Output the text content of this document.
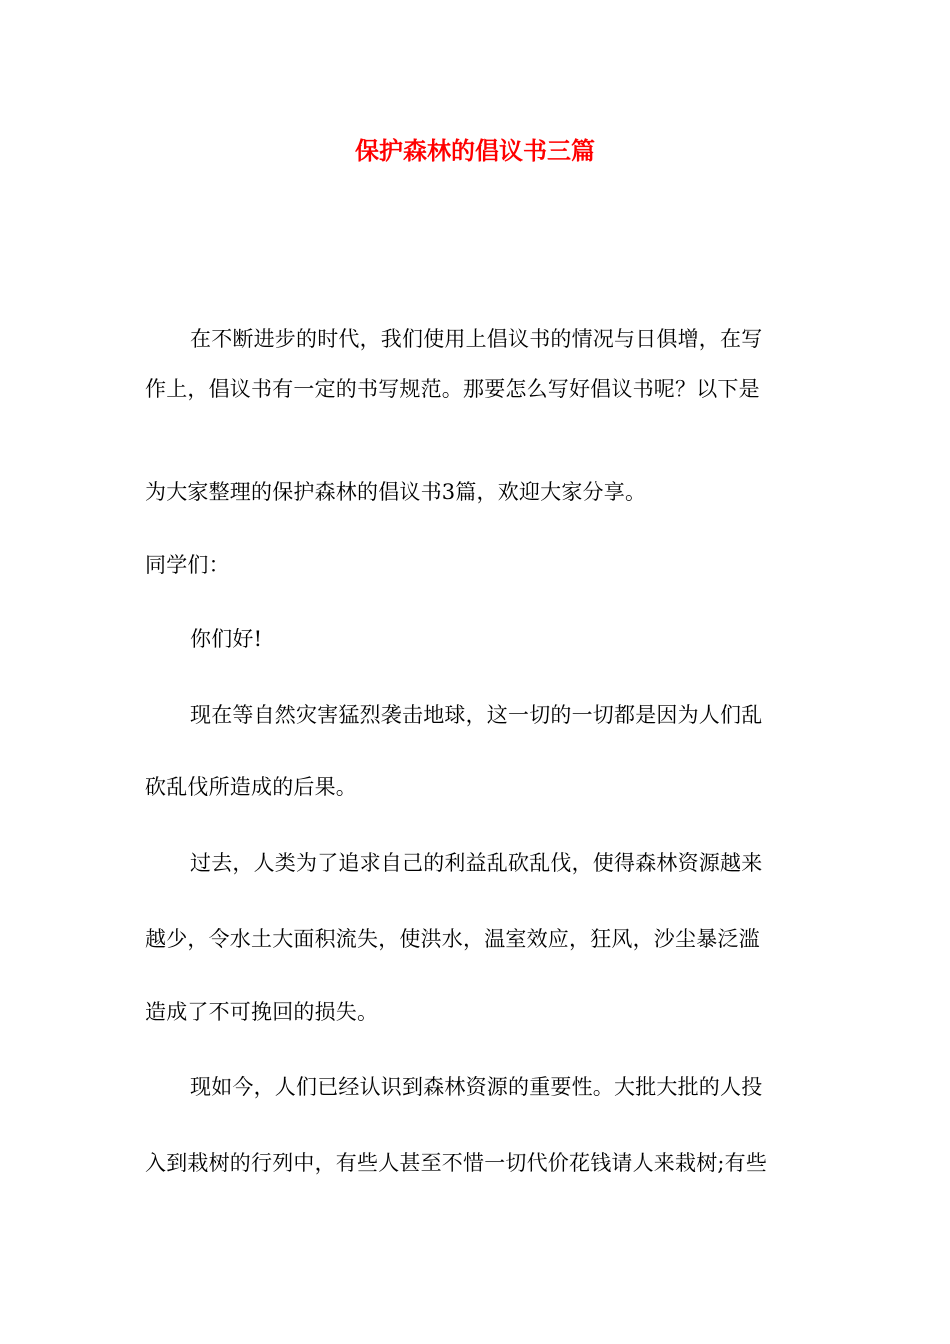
保护森林的倡议书三篇
在不断进步的时代，我们使用上倡议书的情况与日俱增，在写
作上，倡议书有一定的书写规范。那要怎么写好倡议书呢？以下是
为大家整理的保护森林的倡议书3篇，欢迎大家分享。
同学们：
你们好!
现在等自然灾害猛烈袭击地球，这一切的一切都是因为人们乱
砍乱伐所造成的后果。
过去，人类为了追求自己的利益乱砍乱伐，使得森林资源越来
越少，令水土大面积流失，使洪水，温室效应，狂风，沙尘暴泛滥
造成了不可挽回的损失。
现如今，人们已经认识到森林资源的重要性。大批大批的人投
入到栽树的行列中，有些人甚至不惜一切代价花钱请人来栽树;有些
